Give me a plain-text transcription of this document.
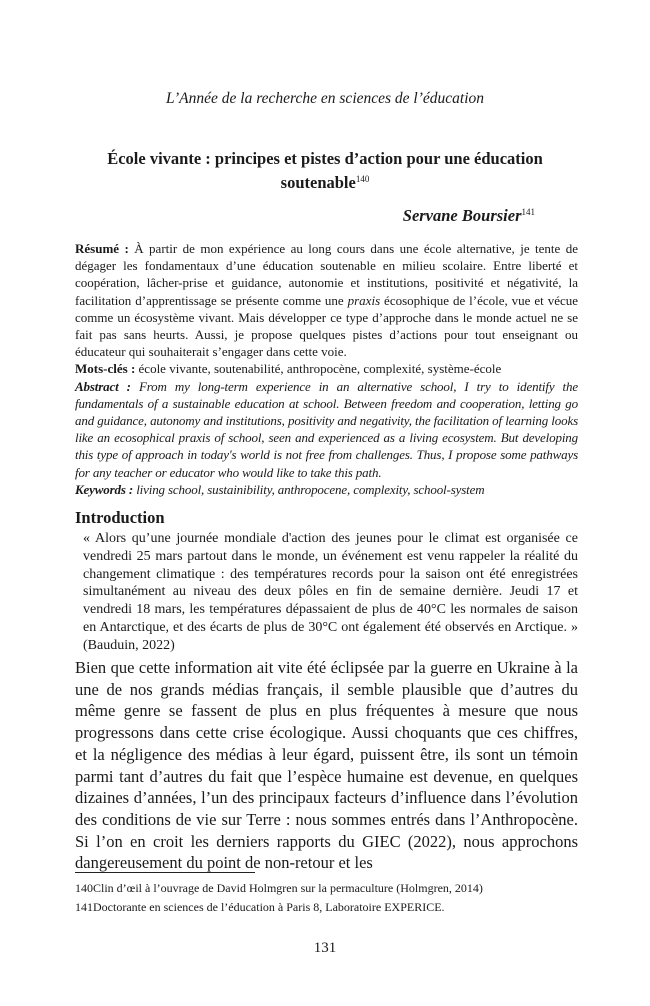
L’Année de la recherche en sciences de l’éducation
École vivante : principes et pistes d’action pour une éducation soutenable$^{140}$
Servane Boursier$^{141}$

Résumé : À partir de mon expérience au long cours dans une école alternative, je tente de dégager les fondamentaux d’une éducation soutenable en milieu scolaire. Entre liberté et coopération, lâcher-prise et guidance, autonomie et institutions, positivité et négativité, la facilitation d’apprentissage se présente comme une praxis écosophique de l’école, vue et vécue comme un écosystème vivant. Mais développer ce type d’approche dans le monde actuel ne se fait pas sans heurts. Aussi, je propose quelques pistes d’actions pour tout enseignant ou éducateur qui souhaiterait s’engager dans cette voie.

Mots-clés : école vivante, soutenabilité, anthropocène, complexité, système-école

Abstract : From my long-term experience in an alternative school, I try to identify the fundamentals of a sustainable education at school. Between freedom and cooperation, letting go and guidance, autonomy and institutions, positivity and negativity, the facilitation of learning looks like an ecosophical praxis of school, seen and experienced as a living ecosystem. But developing this type of approach in today's world is not free from challenges. Thus, I propose some pathways for any teacher or educator who would like to take this path.

Keywords : living school, sustainibility, anthropocene, complexity, school-system

Introduction
« Alors qu’une journée mondiale d'action des jeunes pour le climat est organisée ce vendredi 25 mars partout dans le monde, un événement est venu rappeler la réalité du changement climatique : des températures records pour la saison ont été enregistrées simultanément au niveau des deux pôles en fin de semaine dernière. Jeudi 17 et vendredi 18 mars, les températures dépassaient de plus de 40°C les normales de saison en Antarctique, et des écarts de plus de 30°C ont également été observés en Arctique. » (Bauduin, 2022)

Bien que cette information ait vite été éclipsée par la guerre en Ukraine à la une de nos grands médias français, il semble plausible que d’autres du même genre se fassent de plus en plus fréquentes à mesure que nous progressons dans cette crise écologique. Aussi choquants que ces chiffres, et la négligence des médias à leur égard, puissent être, ils sont un témoin parmi tant d’autres du fait que l’espèce humaine est devenue, en quelques dizaines d’années, l’un des principaux facteurs d’influence dans l’évolution des conditions de vie sur Terre : nous sommes entrés dans l’Anthropocène. Si l’on en croit les derniers rapports du GIEC (2022), nous approchons dangereusement du point de non-retour et les

140Clin d’œil à l’ouvrage de David Holmgren sur la permaculture (Holmgren, 2014)
141Doctorante en sciences de l’éducation à Paris 8, Laboratoire EXPERICE.
131
